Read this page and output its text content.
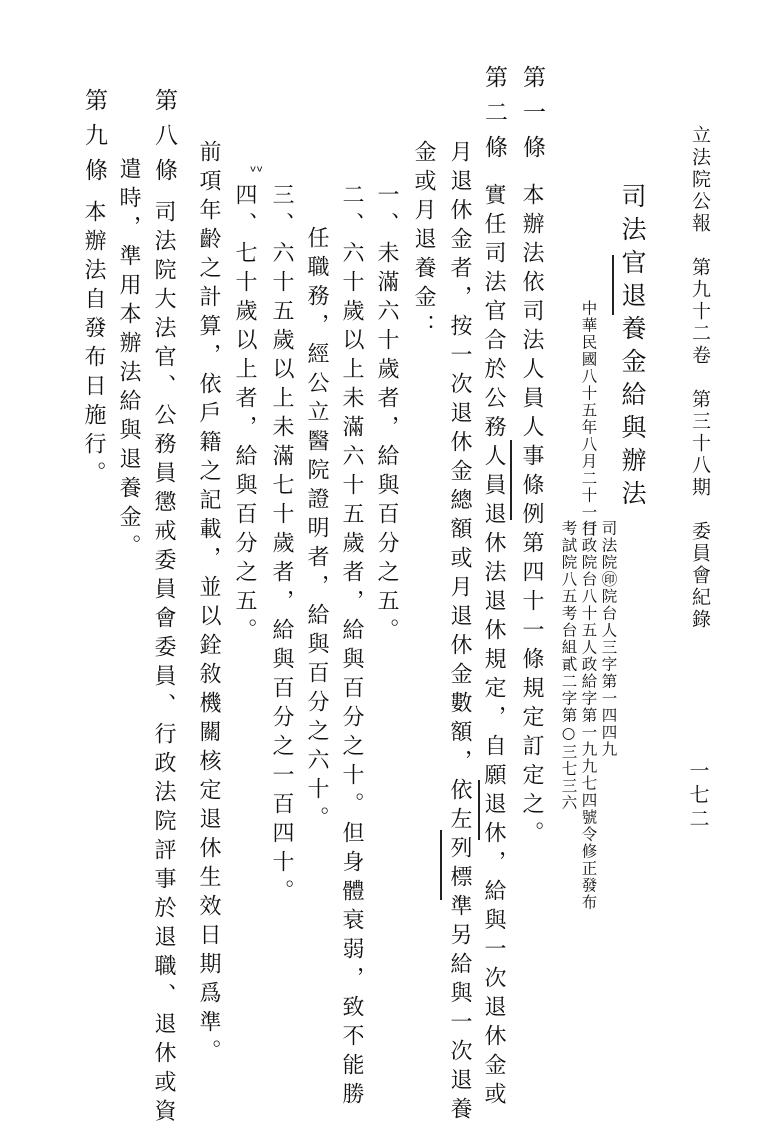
立法院公報　第九十二卷　第三十八期　委員會紀錄
一七二
司法官退養金給與辦法
中華民國八十五年八月二十一日
司法院㊞院台人三字第一四四九
行政院台八十五人政給字第一九九七四號令修正發布
考試院八五考台組貳二字第○三七三六
第一條
第二條
本辦法依司法人員人事條例第四十一條規定訂定之。
實任司法官合於公務人員退休法退休規定，自願退休，給與一次退休金或
月退休金者，按一次退休金總額或月退休金數額，依左列標準另給與一次退養
金或月退養金：
一、未滿六十歲者，給與百分之五。
二、六十歲以上未滿六十五歲者，給與百分之十。但身體衰弱，致不能勝
任職務，經公立醫院證明者，給與百分之六十。
三、六十五歲以上未滿七十歲者，給與百分之一百四十。
四、七十歲以上者，給與百分之五。
前項年齡之計算，依戶籍之記載，並以銓敘機關核定退休生效日期爲準。 ᵛᵛ
第八條
司法院大法官、公務員懲戒委員會委員、行政法院評事於退職、退休或資
遣時，準用本辦法給與退養金。
第九條
本辦法自發布日施行。
